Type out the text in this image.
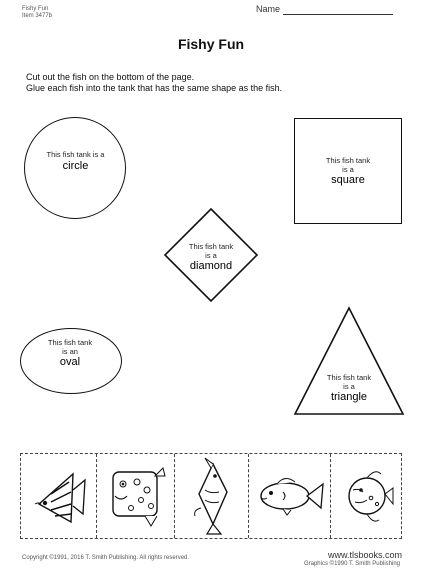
Fishy Fun
Item 3477b
Name
Fishy Fun
Cut out the fish on the bottom of the page.
Glue each fish into the tank that has the same shape as the fish.
This fish tank is a
circle	This fish tank
is a
square
This fish tank
is a
diamond
This fish tank
is an
oval
This fish tank
is a
triangle
Copyright ©1991, 2016 T. Smith Publishing. All rights reserved.	www.tlsbooks.com
Graphics ©1990 T. Smith Publishing
